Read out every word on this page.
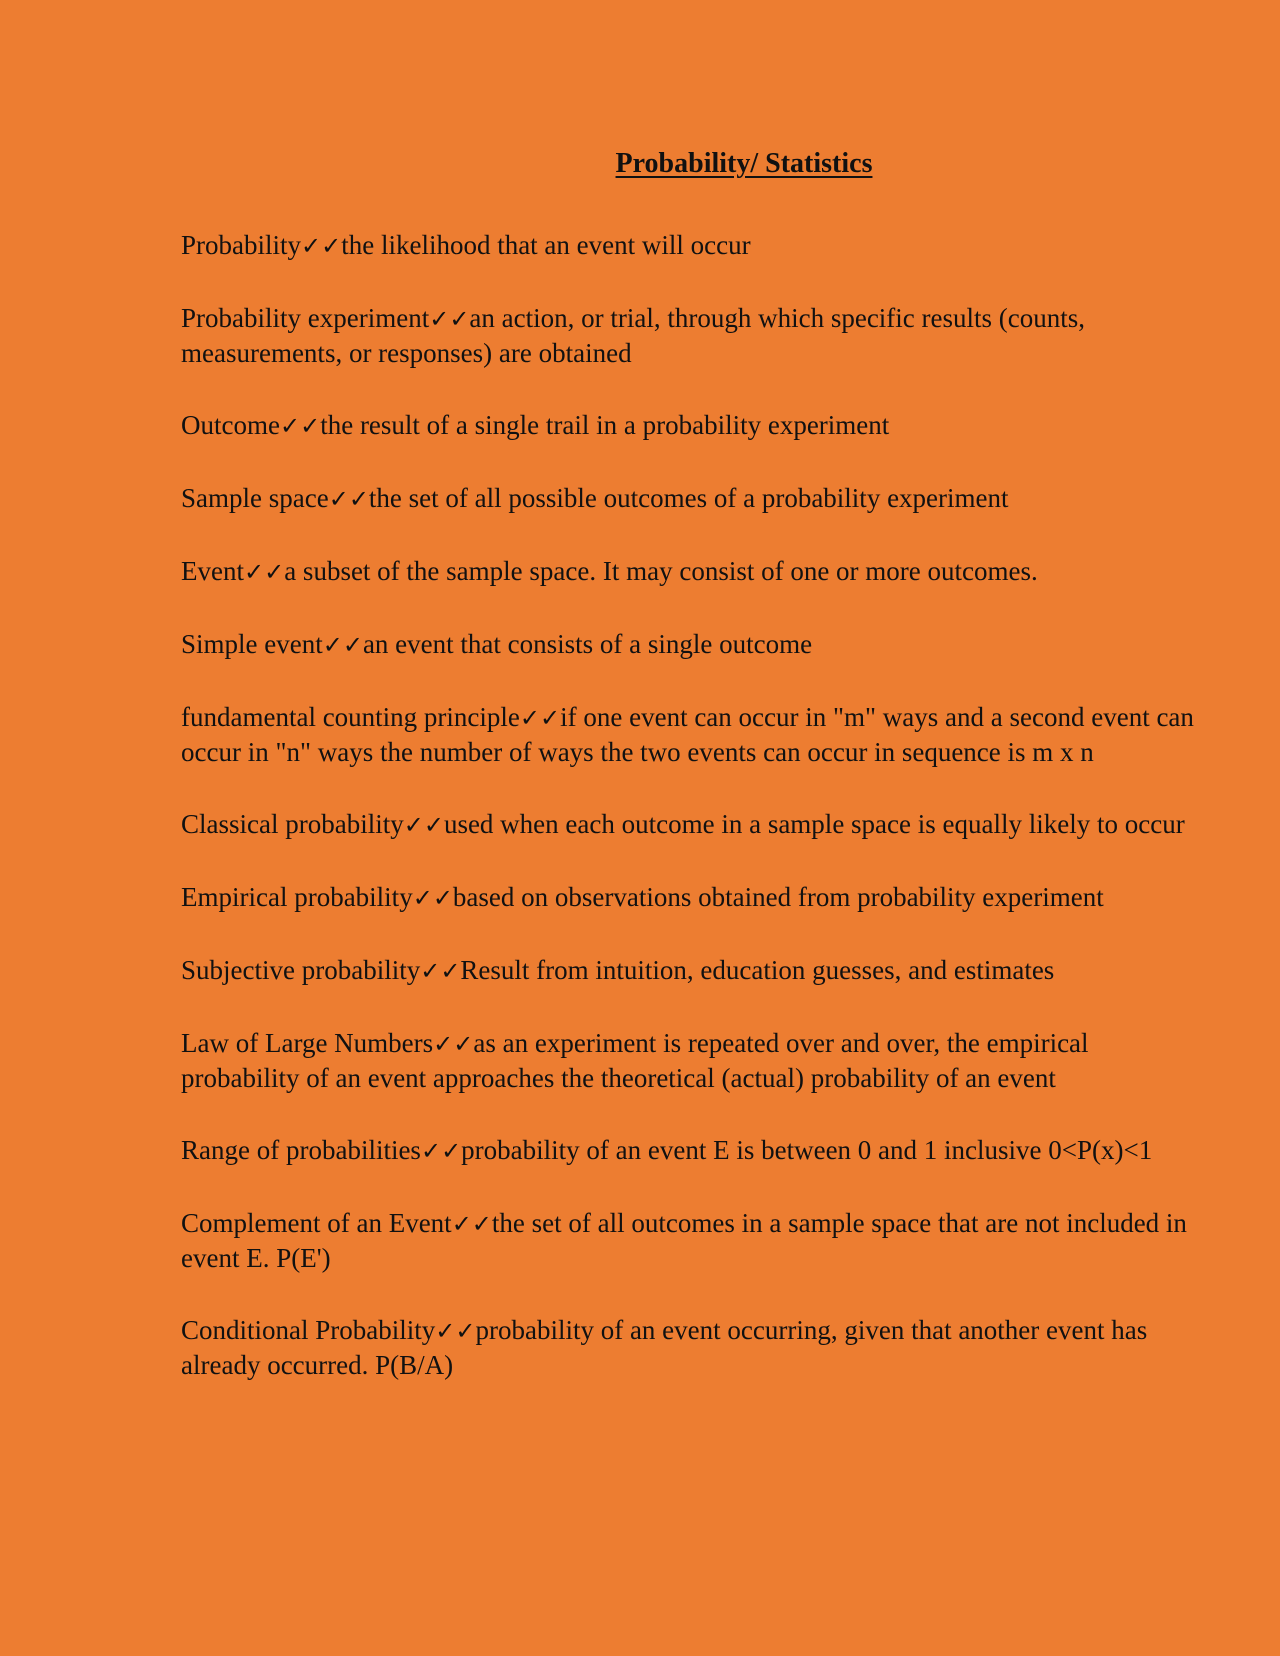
Probability/ Statistics
Probability✓✓the likelihood that an event will occur
Probability experiment✓✓an action, or trial, through which specific results (counts, measurements, or responses) are obtained
Outcome✓✓the result of a single trail in a probability experiment
Sample space✓✓the set of all possible outcomes of a probability experiment
Event✓✓a subset of the sample space. It may consist of one or more outcomes.
Simple event✓✓an event that consists of a single outcome
fundamental counting principle✓✓if one event can occur in "m" ways and a second event can occur in "n" ways the number of ways the two events can occur in sequence is m x n
Classical probability✓✓used when each outcome in a sample space is equally likely to occur
Empirical probability✓✓based on observations obtained from probability experiment
Subjective probability✓✓Result from intuition, education guesses, and estimates
Law of Large Numbers✓✓as an experiment is repeated over and over, the empirical probability of an event approaches the theoretical (actual) probability of an event
Range of probabilities✓✓probability of an event E is between 0 and 1 inclusive 0<P(x)<1
Complement of an Event✓✓the set of all outcomes in a sample space that are not included in event E. P(E')
Conditional Probability✓✓probability of an event occurring, given that another event has already occurred. P(B/A)
